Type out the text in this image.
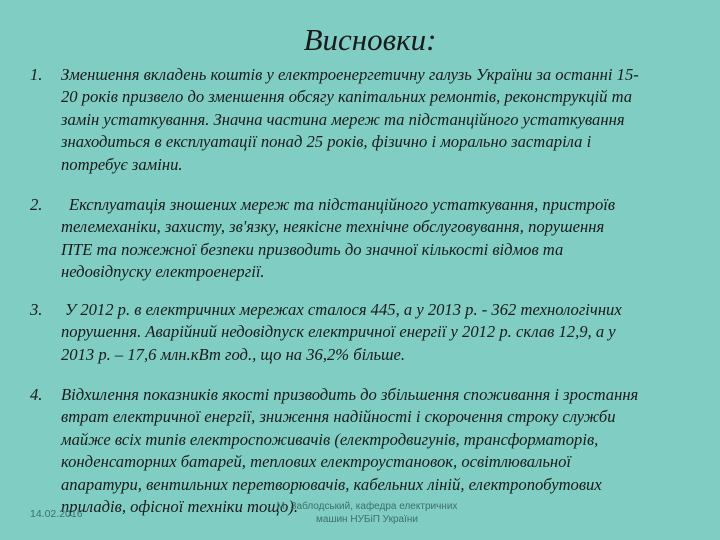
Висновки:
1.	Зменшення вкладень коштів у електроенергетичну галузь України за останні 15-
20 років призвело до зменшення обсягу капітальних ремонтів, реконструкцій та
замін устаткування. Значна частина мереж та підстанційного устаткування
знаходиться в експлуатації понад 25 років, фізично і морально застаріла і
потребує заміни.
2.	Експлуатація зношених мереж та підстанційного устаткування, пристроїв
телемеханіки, захисту, зв'язку, неякісне технічне обслуговування, порушення
ПТЕ та пожежної безпеки призводить до значної кількості відмов та
недовідпуску електроенергії.
3.	У 2012 р. в електричних мережах сталося 445, а у 2013 р. - 362 технологічних
порушення. Аварійний недовідпуск електричної енергії у 2012 р. склав 12,9, а у
2013 р. – 17,6 млн.кВт год., що на 36,2% більше.
4.	Відхилення показників якості призводить до збільшення споживання і зростання
втрат електричної енергії, зниження надійності і скорочення строку служби
майже всіх типів електроспоживачів (електродвигунів, трансформаторів,
конденсаторних батарей, теплових електроустановок, освітлювальної
апаратури, вентильних перетворювачів, кабельних ліній, електропобутових
приладів, офісної техніки тощо).
14.02.2016
М. Заблодський, кафедра електричних
машин НУБіП України
